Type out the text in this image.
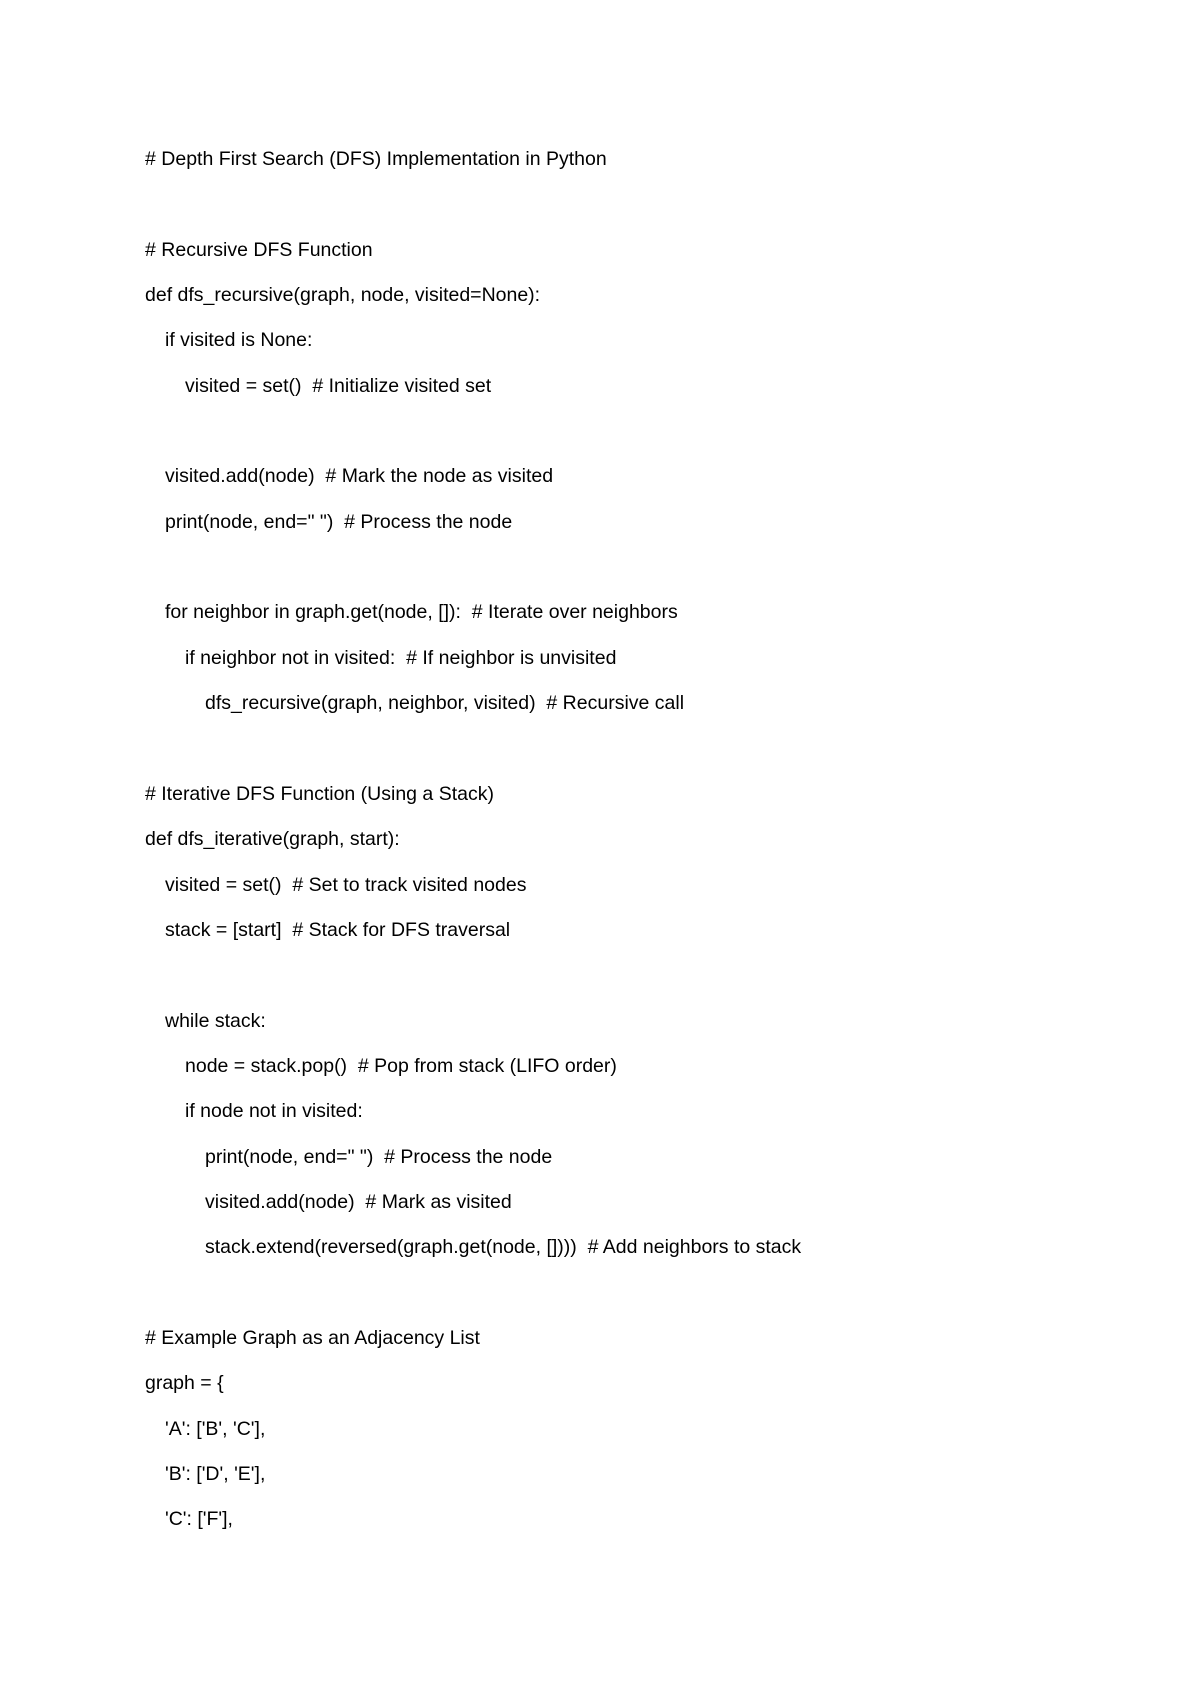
# Depth First Search (DFS) Implementation in Python
# Recursive DFS Function
def dfs_recursive(graph, node, visited=None):
if visited is None:
visited = set()  # Initialize visited set
visited.add(node)  # Mark the node as visited
print(node, end=" ")  # Process the node
for neighbor in graph.get(node, []):  # Iterate over neighbors
if neighbor not in visited:  # If neighbor is unvisited
dfs_recursive(graph, neighbor, visited)  # Recursive call
# Iterative DFS Function (Using a Stack)
def dfs_iterative(graph, start):
visited = set()  # Set to track visited nodes
stack = [start]  # Stack for DFS traversal
while stack:
node = stack.pop()  # Pop from stack (LIFO order)
if node not in visited:
print(node, end=" ")  # Process the node
visited.add(node)  # Mark as visited
stack.extend(reversed(graph.get(node, [])))  # Add neighbors to stack
# Example Graph as an Adjacency List
graph = {
'A': ['B', 'C'],
'B': ['D', 'E'],
'C': ['F'],
